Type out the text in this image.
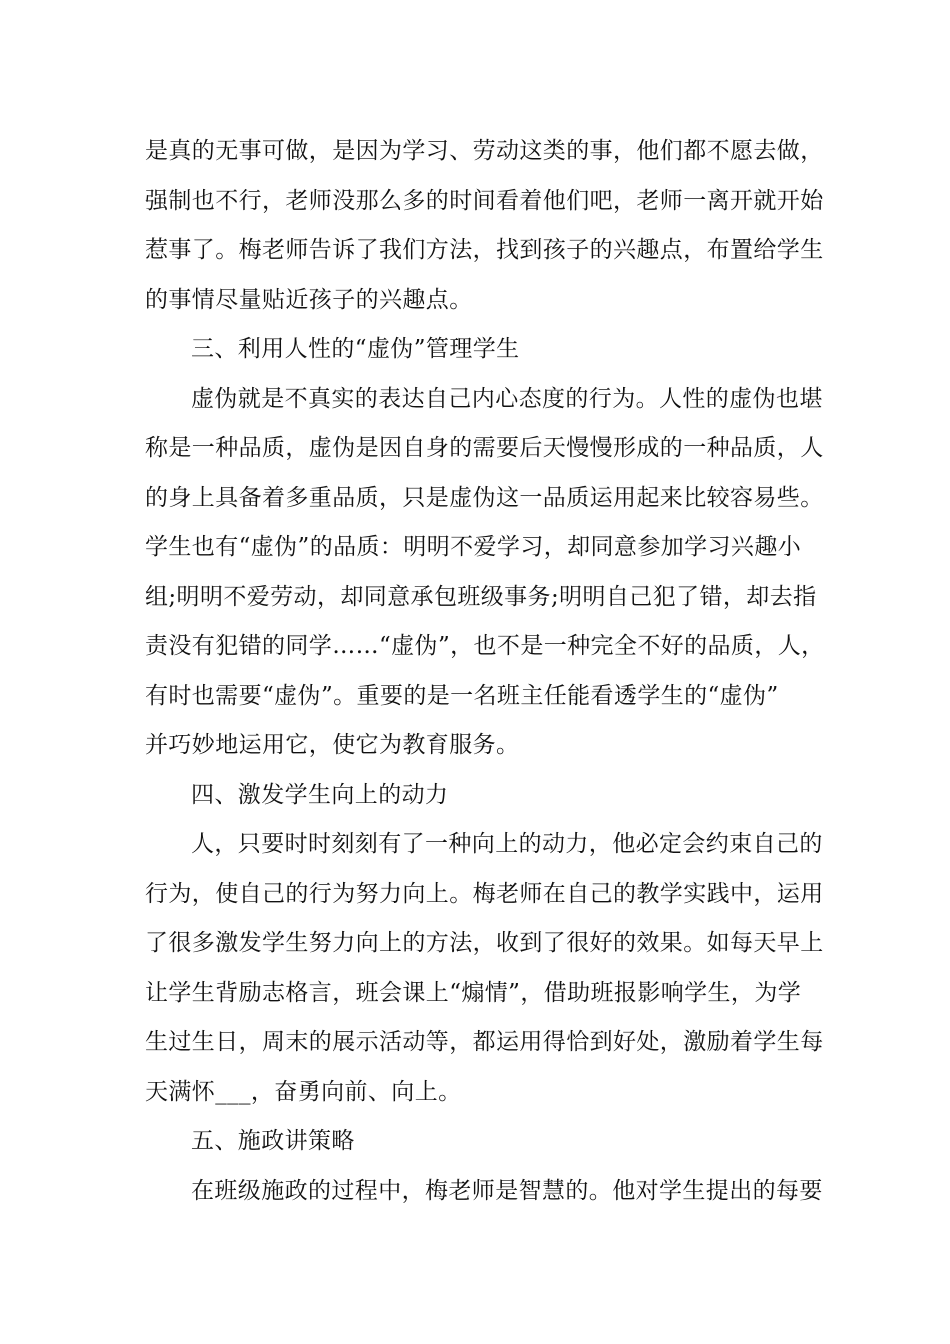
是真的无事可做，是因为学习、劳动这类的事，他们都不愿去做，
强制也不行，老师没那么多的时间看着他们吧，老师一离开就开始
惹事了。梅老师告诉了我们方法，找到孩子的兴趣点，布置给学生
的事情尽量贴近孩子的兴趣点。
三、利用人性的“虚伪”管理学生
虚伪就是不真实的表达自己内心态度的行为。人性的虚伪也堪
称是一种品质，虚伪是因自身的需要后天慢慢形成的一种品质，人
的身上具备着多重品质，只是虚伪这一品质运用起来比较容易些。
学生也有“虚伪”的品质：明明不爱学习，却同意参加学习兴趣小
组;明明不爱劳动，却同意承包班级事务;明明自己犯了错，却去指
责没有犯错的同学……“虚伪”，也不是一种完全不好的品质，人，
有时也需要“虚伪”。重要的是一名班主任能看透学生的“虚伪”
并巧妙地运用它，使它为教育服务。
四、激发学生向上的动力
人，只要时时刻刻有了一种向上的动力，他必定会约束自己的
行为，使自己的行为努力向上。梅老师在自己的教学实践中，运用
了很多激发学生努力向上的方法，收到了很好的效果。如每天早上
让学生背励志格言，班会课上“煽情”，借助班报影响学生，为学
生过生日，周末的展示活动等，都运用得恰到好处，激励着学生每
天满怀___，奋勇向前、向上。
五、施政讲策略
在班级施政的过程中，梅老师是智慧的。他对学生提出的每要
